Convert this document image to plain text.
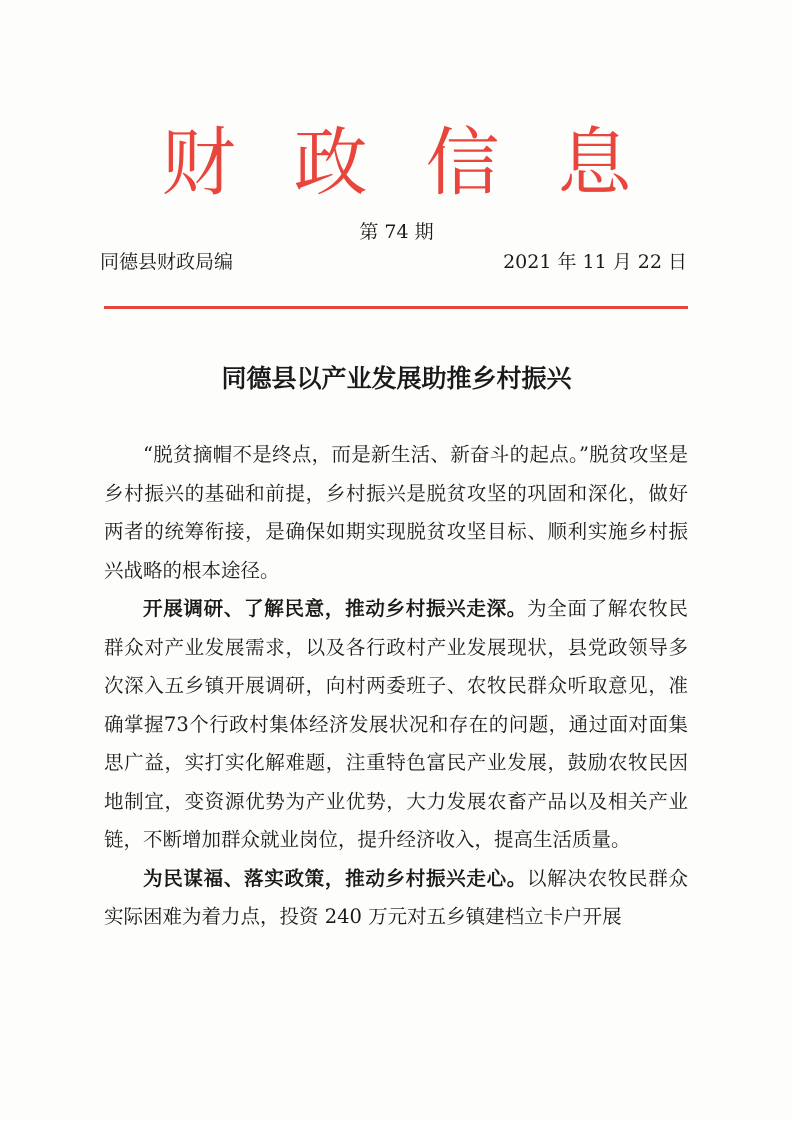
财政信息
第 74 期
同德县财政局编	2021 年 11 月 22 日
同德县以产业发展助推乡村振兴

“脱贫摘帽不是终点，而是新生活、新奋斗的起点。”脱贫攻坚是乡村振兴的基础和前提，乡村振兴是脱贫攻坚的巩固和深化，做好两者的统筹衔接，是确保如期实现脱贫攻坚目标、顺利实施乡村振兴战略的根本途径。

开展调研、了解民意，推动乡村振兴走深。为全面了解农牧民群众对产业发展需求，以及各行政村产业发展现状，县党政领导多次深入五乡镇开展调研，向村两委班子、农牧民群众听取意见，准确掌握73个行政村集体经济发展状况和存在的问题，通过面对面集思广益，实打实化解难题，注重特色富民产业发展，鼓励农牧民因地制宜，变资源优势为产业优势，大力发展农畜产品以及相关产业链，不断增加群众就业岗位，提升经济收入，提高生活质量。

为民谋福、落实政策，推动乡村振兴走心。以解决农牧民群众实际困难为着力点，投资 240 万元对五乡镇建档立卡户开展
